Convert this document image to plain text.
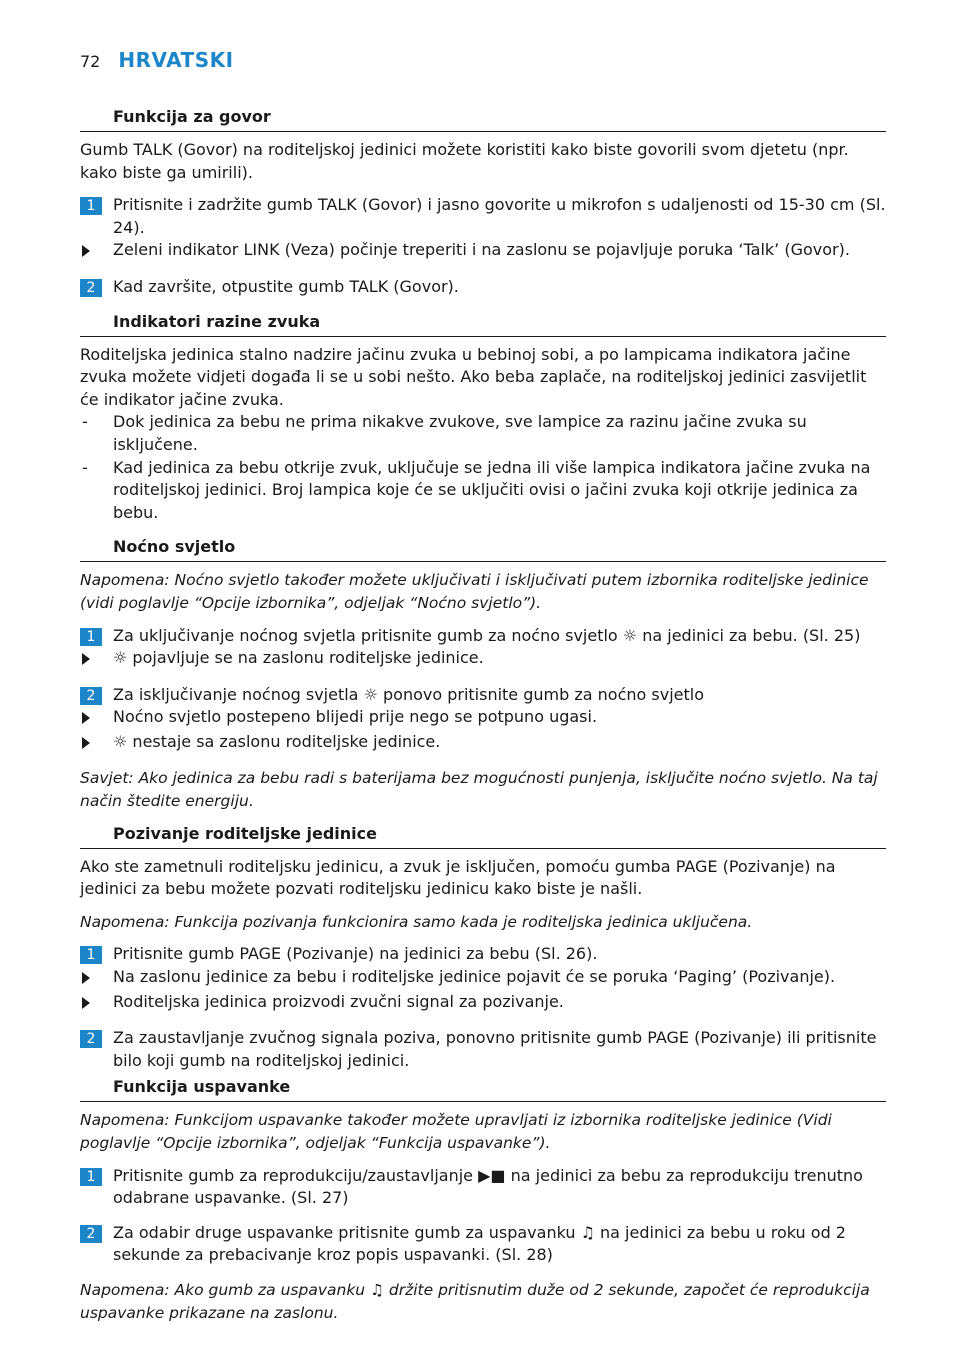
72 HRVATSKI
Funkcija za govor

Gumb TALK (Govor) na roditeljskoj jedinici možete koristiti kako biste govorili svom djetetu (npr. kako biste ga umirili).

1	Pritisnite i zadržite gumb TALK (Govor) i jasno govorite u mikrofon s udaljenosti od 15-30 cm (Sl. 24).
Zeleni indikator LINK (Veza) počinje treperiti i na zaslonu se pojavljuje poruka ‘Talk’ (Govor).
2	Kad završite, otpustite gumb TALK (Govor).
Indikatori razine zvuka

Roditeljska jedinica stalno nadzire jačinu zvuka u bebinoj sobi, a po lampicama indikatora jačine zvuka možete vidjeti događa li se u sobi nešto. Ako beba zaplače, na roditeljskoj jedinici zasvijetlit će indikator jačine zvuka.

-	Dok jedinica za bebu ne prima nikakve zvukove, sve lampice za razinu jačine zvuka su isključene.
-	Kad jedinica za bebu otkrije zvuk, uključuje se jedna ili više lampica indikatora jačine zvuka na roditeljskoj jedinici. Broj lampica koje će se uključiti ovisi o jačini zvuka koji otkrije jedinica za bebu.
Noćno svjetlo

Napomena: Noćno svjetlo također možete uključivati i isključivati putem izbornika roditeljske jedinice (vidi poglavlje “Opcije izbornika”, odjeljak “Noćno svjetlo”).

1	Za uključivanje noćnog svjetla pritisnite gumb za noćno svjetlo ☼ na jedinici za bebu. (Sl. 25)
☼ pojavljuje se na zaslonu roditeljske jedinice.
2	Za isključivanje noćnog svjetla ☼ ponovo pritisnite gumb za noćno svjetlo
Noćno svjetlo postepeno blijedi prije nego se potpuno ugasi.
☼ nestaje sa zaslonu roditeljske jedinice.

Savjet: Ako jedinica za bebu radi s baterijama bez mogućnosti punjenja, isključite noćno svjetlo. Na taj način štedite energiju.

Pozivanje roditeljske jedinice

Ako ste zametnuli roditeljsku jedinicu, a zvuk je isključen, pomoću gumba PAGE (Pozivanje) na jedinici za bebu možete pozvati roditeljsku jedinicu kako biste je našli.

Napomena: Funkcija pozivanja funkcionira samo kada je roditeljska jedinica uključena.

1	Pritisnite gumb PAGE (Pozivanje) na jedinici za bebu (Sl. 26).
Na zaslonu jedinice za bebu i roditeljske jedinice pojavit će se poruka ‘Paging’ (Pozivanje).
Roditeljska jedinica proizvodi zvučni signal za pozivanje.
2	Za zaustavljanje zvučnog signala poziva, ponovno pritisnite gumb PAGE (Pozivanje) ili pritisnite bilo koji gumb na roditeljskoj jedinici.
Funkcija uspavanke

Napomena: Funkcijom uspavanke također možete upravljati iz izbornika roditeljske jedinice (Vidi poglavlje “Opcije izbornika”, odjeljak “Funkcija uspavanke”).

1	Pritisnite gumb za reprodukciju/zaustavljanje ▶■ na jedinici za bebu za reprodukciju trenutno odabrane uspavanke. (Sl. 27)
2	Za odabir druge uspavanke pritisnite gumb za uspavanku ♫ na jedinici za bebu u roku od 2 sekunde za prebacivanje kroz popis uspavanki. (Sl. 28)

Napomena: Ako gumb za uspavanku ♫ držite pritisnutim duže od 2 sekunde, započet će reprodukcija uspavanke prikazane na zaslonu.
